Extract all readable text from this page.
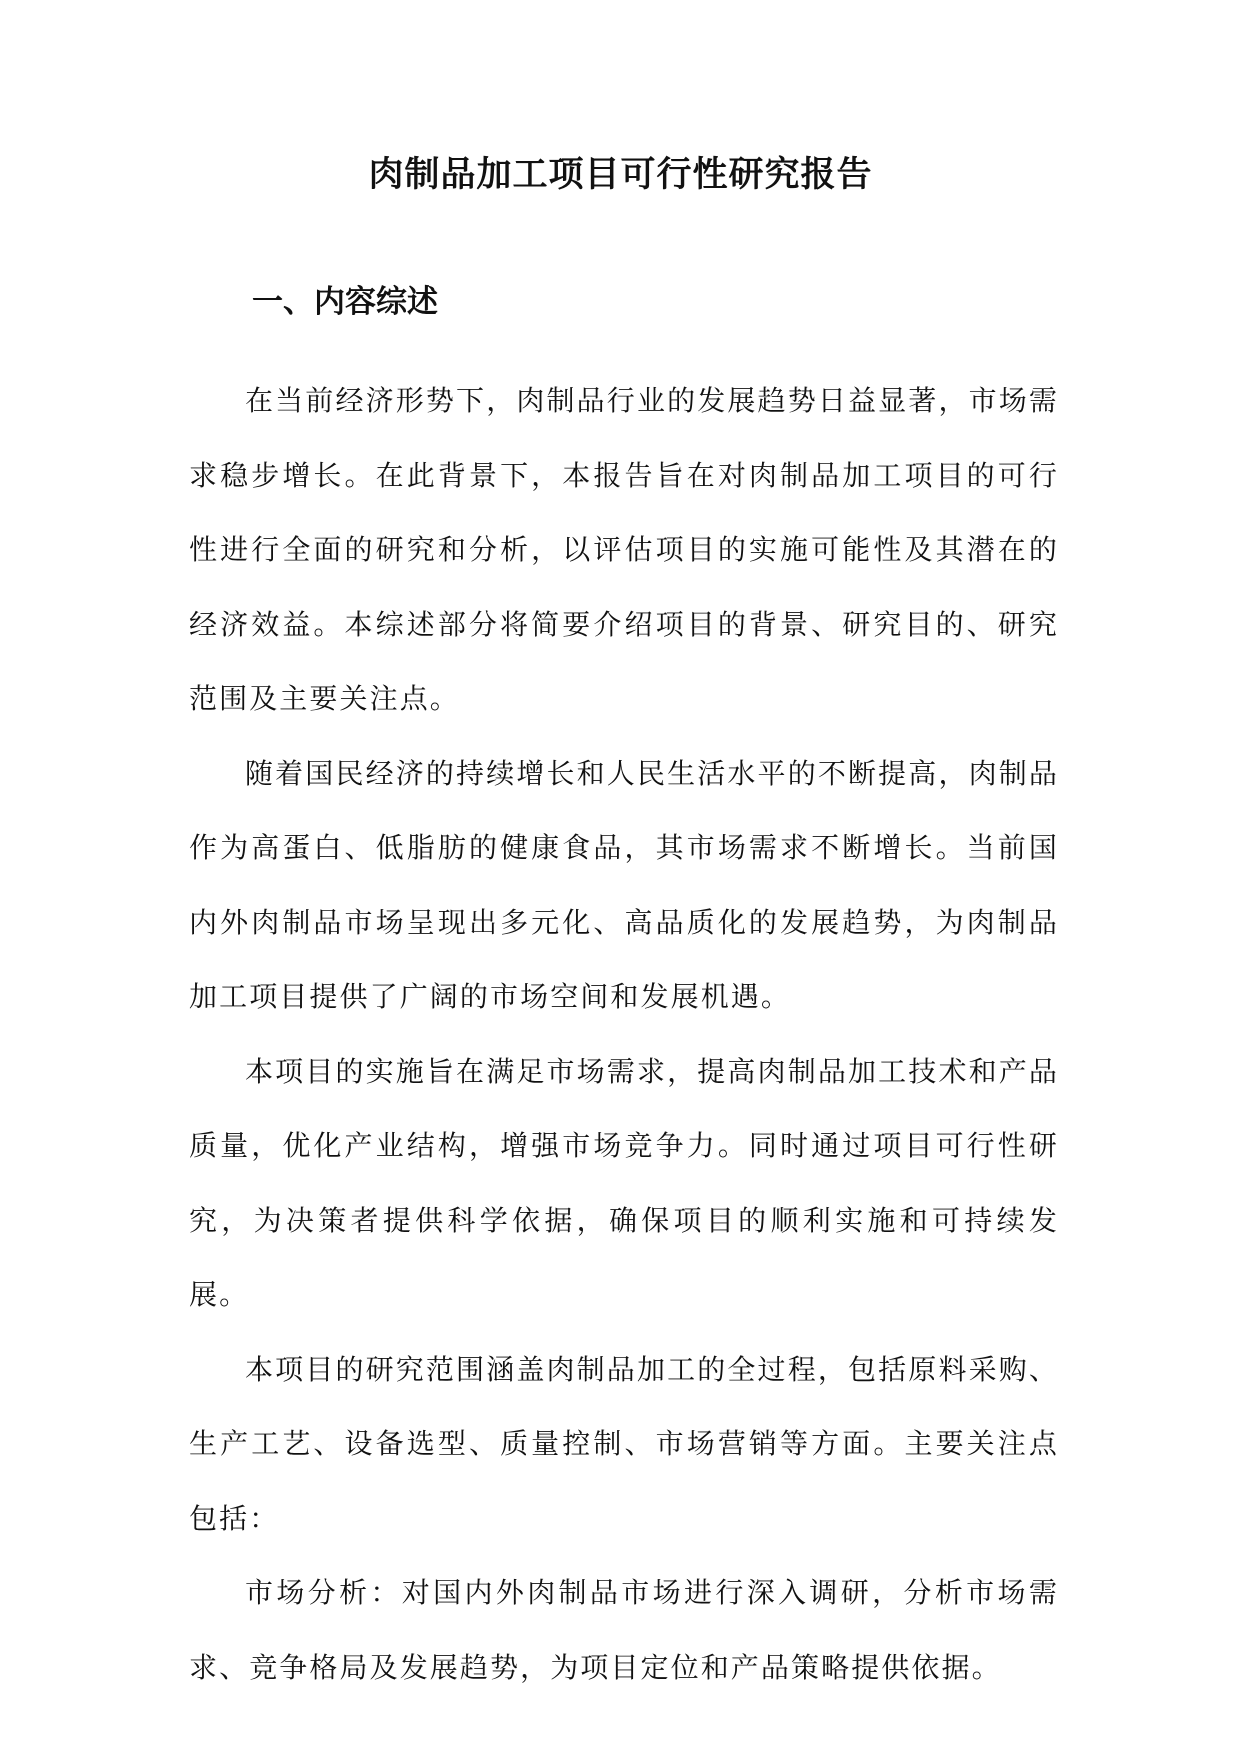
肉制品加工项目可行性研究报告
一、内容综述

在当前经济形势下，肉制品行业的发展趋势日益显著，市场需求稳步增长。在此背景下，本报告旨在对肉制品加工项目的可行性进行全面的研究和分析，以评估项目的实施可能性及其潜在的经济效益。本综述部分将简要介绍项目的背景、研究目的、研究范围及主要关注点。

随着国民经济的持续增长和人民生活水平的不断提高，肉制品作为高蛋白、低脂肪的健康食品，其市场需求不断增长。当前国内外肉制品市场呈现出多元化、高品质化的发展趋势，为肉制品加工项目提供了广阔的市场空间和发展机遇。

本项目的实施旨在满足市场需求，提高肉制品加工技术和产品质量，优化产业结构，增强市场竞争力。同时通过项目可行性研究，为决策者提供科学依据，确保项目的顺利实施和可持续发展。

本项目的研究范围涵盖肉制品加工的全过程，包括原料采购、生产工艺、设备选型、质量控制、市场营销等方面。主要关注点包括：

市场分析：对国内外肉制品市场进行深入调研，分析市场需求、竞争格局及发展趋势，为项目定位和产品策略提供依据。
